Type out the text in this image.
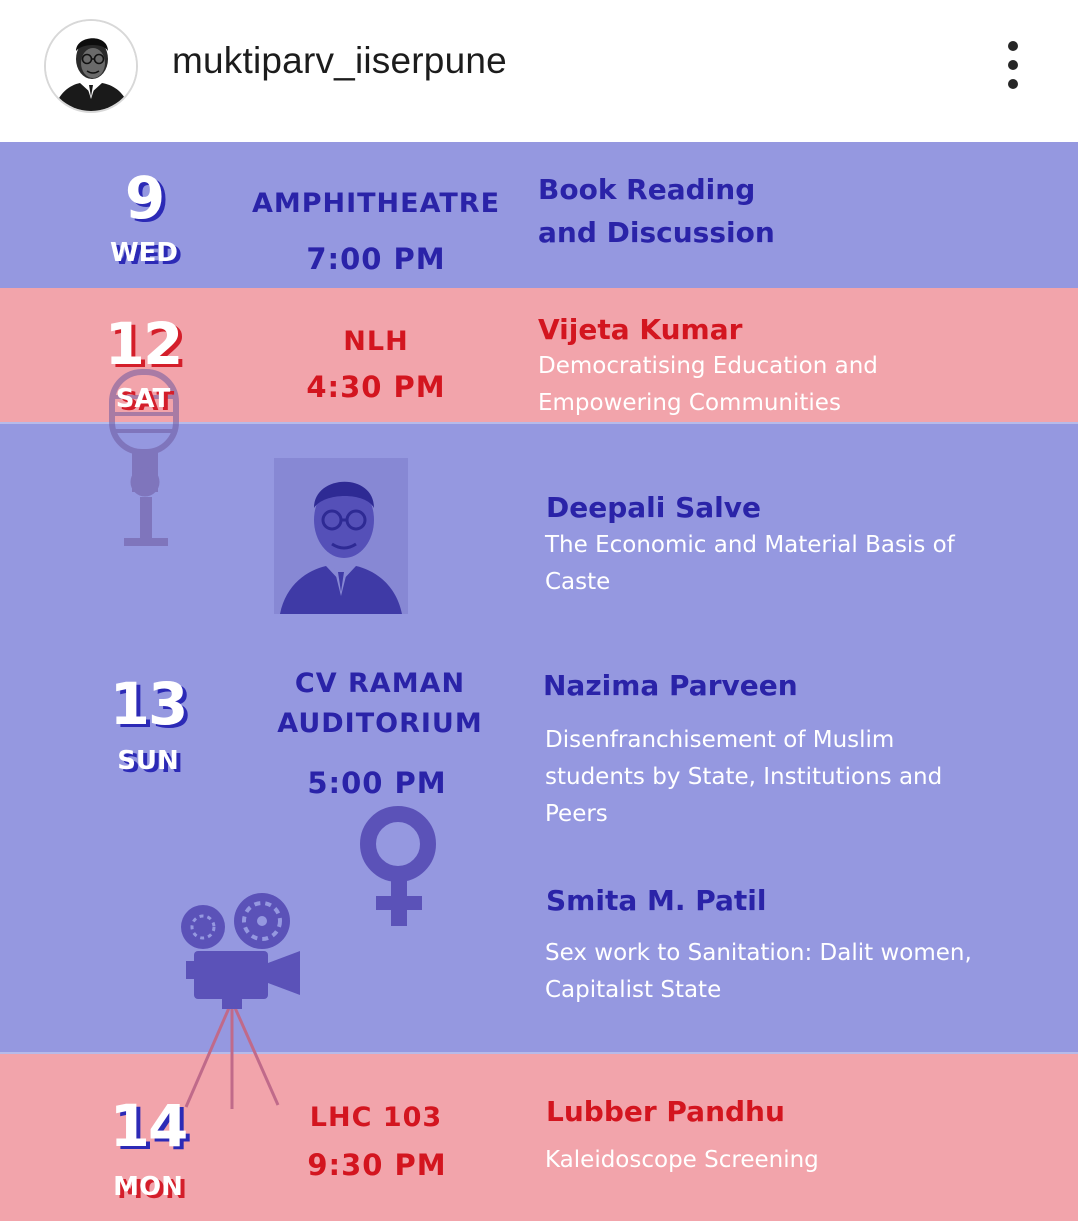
muktiparv_iiserpune
9
WED
AMPHITHEATRE
7:00 PM
Book Reading
and Discussion
12
SAT
NLH
4:30 PM
Vijeta Kumar
Democratising Education and
Empowering Communities
13
SUN
CV RAMAN
AUDITORIUM
5:00 PM
Deepali Salve
The Economic and Material Basis of
Caste
Nazima Parveen
Disenfranchisement of Muslim
students by State, Institutions and
Peers
Smita M. Patil
Sex work to Sanitation: Dalit women,
Capitalist State
14
MON
LHC 103
9:30 PM
Lubber Pandhu
Kaleidoscope Screening
